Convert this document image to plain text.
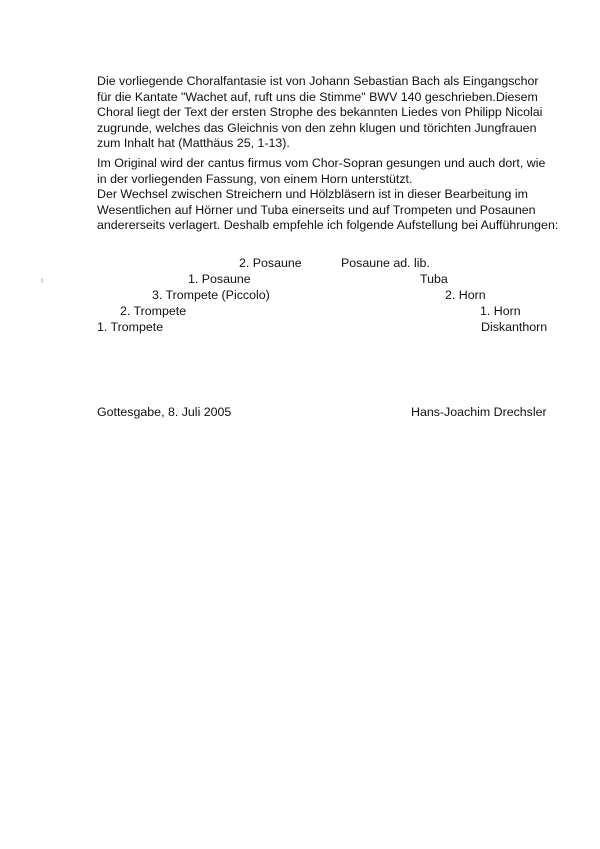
Die vorliegende Choralfantasie ist von Johann Sebastian Bach als Eingangschor
für die Kantate "Wachet auf, ruft uns die Stimme" BWV 140 geschrieben.Diesem
Choral liegt der Text der ersten Strophe des bekannten Liedes von Philipp Nicolai
zugrunde, welches das Gleichnis von den zehn klugen und törichten Jungfrauen
zum Inhalt hat (Matthäus 25, 1-13).
Im Original wird der cantus firmus vom Chor-Sopran gesungen und auch dort, wie
in der vorliegenden Fassung, von einem Horn unterstützt.
Der Wechsel zwischen Streichern und Hölzbläsern ist in dieser Bearbeitung im
Wesentlichen auf Hörner und Tuba einerseits und auf Trompeten und Posaunen
andererseits verlagert. Deshalb empfehle ich folgende Aufstellung bei Aufführungen:
2. Posaune
1. Posaune
3. Trompete (Piccolo)
2. Trompete
1. Trompete
Posaune ad. lib.
Tuba
2. Horn
1. Horn
Diskanthorn
Gottesgabe, 8. Juli 2005	Hans-Joachim Drechsler
